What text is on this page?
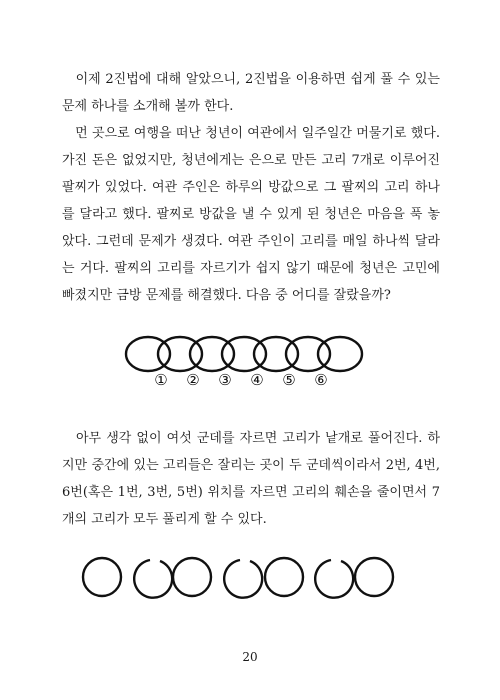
　이제 2진법에 대해 알았으니, 2진법을 이용하면 쉽게 풀 수 있는 문제 하나를 소개해 볼까 한다.

　먼 곳으로 여행을 떠난 청년이 여관에서 일주일간 머물기로 했다. 가진 돈은 없었지만, 청년에게는 은으로 만든 고리 7개로 이루어진 팔찌가 있었다. 여관 주인은 하루의 방값으로 그 팔찌의 고리 하나를 달라고 했다. 팔찌로 방값을 낼 수 있게 된 청년은 마음을 푹 놓았다. 그런데 문제가 생겼다. 여관 주인이 고리를 매일 하나씩 달라는 거다. 팔찌의 고리를 자르기가 쉽지 않기 때문에 청년은 고민에 빠졌지만 금방 문제를 해결했다. 다음 중 어디를 잘랐을까?

① ② ③ ④ ⑤ ⑥

　아무 생각 없이 여섯 군데를 자르면 고리가 낱개로 풀어진다. 하지만 중간에 있는 고리들은 잘리는 곳이 두 군데씩이라서 2번, 4번, 6번(혹은 1번, 3번, 5번) 위치를 자르면 고리의 훼손을 줄이면서 7개의 고리가 모두 풀리게 할 수 있다.

20
